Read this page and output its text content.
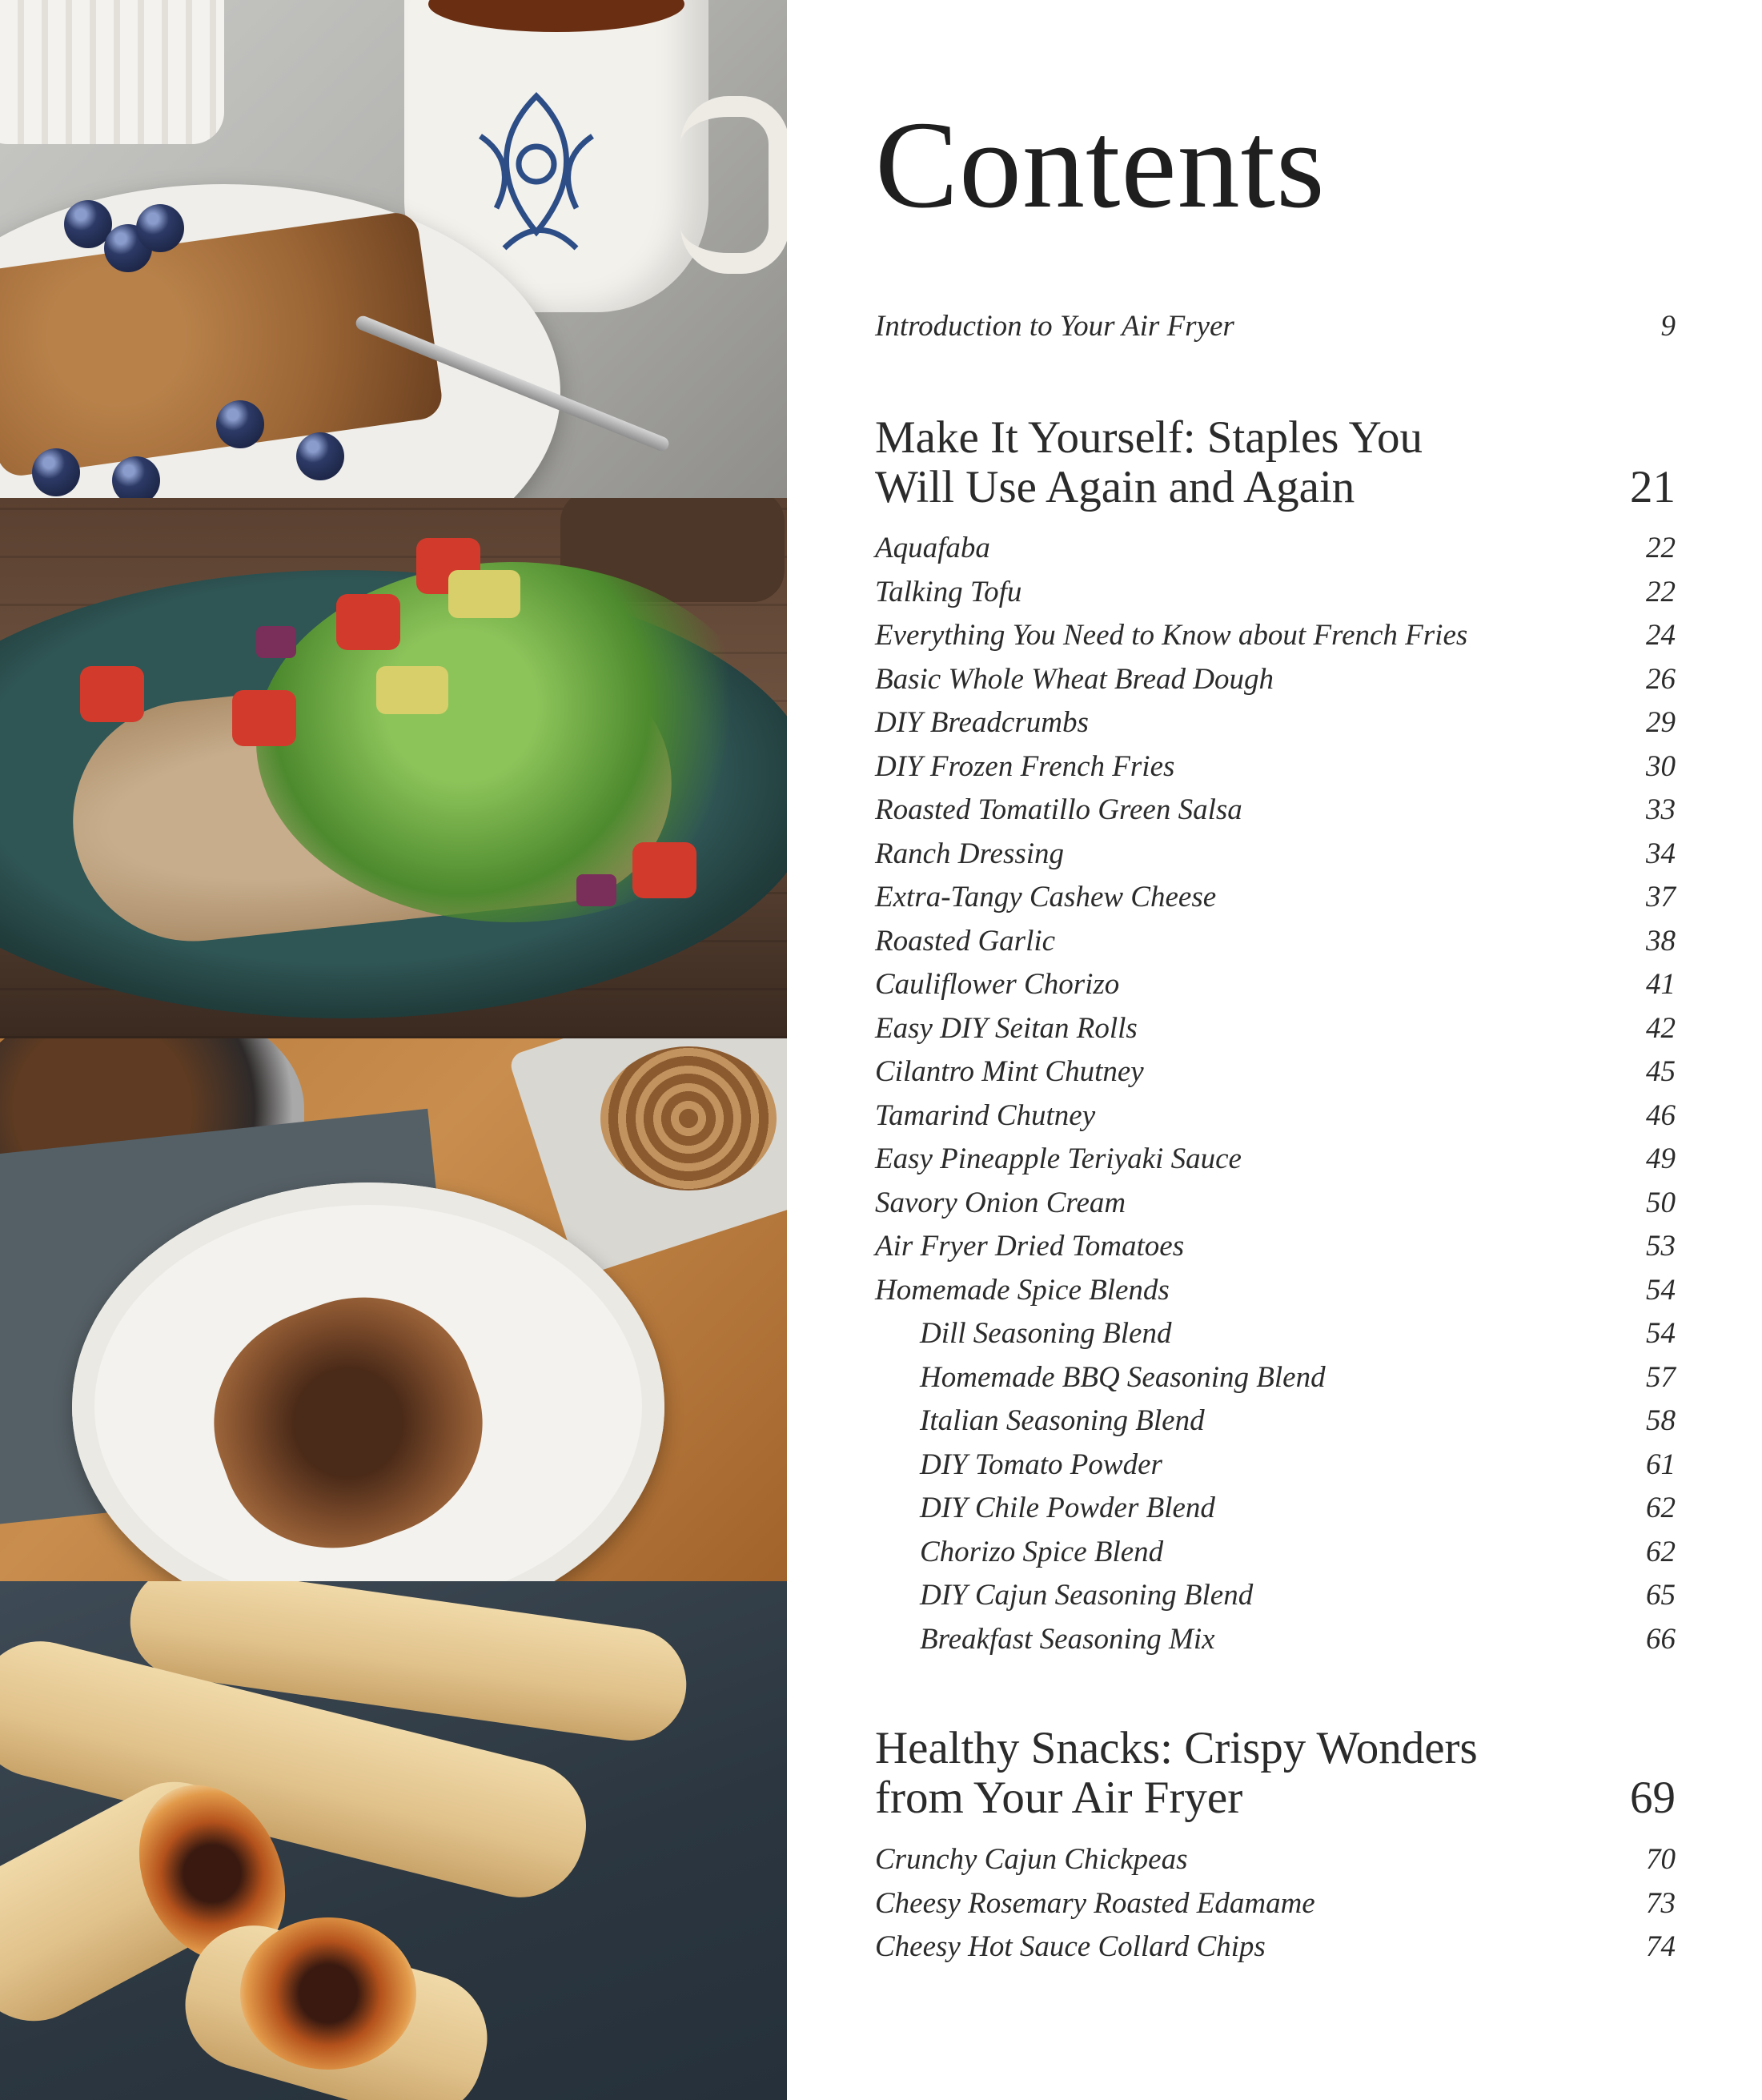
Contents
Introduction to Your Air Fryer	9
Make It Yourself: Staples You
Will Use Again and Again	21
Aquafaba	22
Talking Tofu	22
Everything You Need to Know about French Fries	24
Basic Whole Wheat Bread Dough	26
DIY Breadcrumbs	29
DIY Frozen French Fries	30
Roasted Tomatillo Green Salsa	33
Ranch Dressing	34
Extra-Tangy Cashew Cheese	37
Roasted Garlic	38
Cauliflower Chorizo	41
Easy DIY Seitan Rolls	42
Cilantro Mint Chutney	45
Tamarind Chutney	46
Easy Pineapple Teriyaki Sauce	49
Savory Onion Cream	50
Air Fryer Dried Tomatoes	53
Homemade Spice Blends	54
Dill Seasoning Blend	54
Homemade BBQ Seasoning Blend	57
Italian Seasoning Blend	58
DIY Tomato Powder	61
DIY Chile Powder Blend	62
Chorizo Spice Blend	62
DIY Cajun Seasoning Blend	65
Breakfast Seasoning Mix	66
Healthy Snacks: Crispy Wonders
from Your Air Fryer	69
Crunchy Cajun Chickpeas	70
Cheesy Rosemary Roasted Edamame	73
Cheesy Hot Sauce Collard Chips	74
